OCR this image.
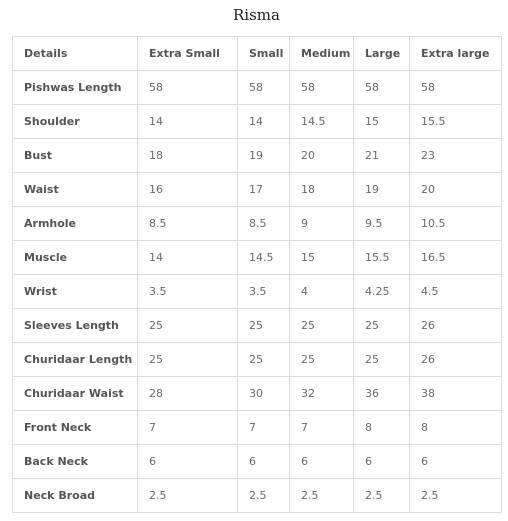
Risma
Details	Extra Small	Small	Medium	Large	Extra large
Pishwas Length	58	58	58	58	58
Shoulder	14	14	14.5	15	15.5
Bust	18	19	20	21	23
Waist	16	17	18	19	20
Armhole	8.5	8.5	9	9.5	10.5
Muscle	14	14.5	15	15.5	16.5
Wrist	3.5	3.5	4	4.25	4.5
Sleeves Length	25	25	25	25	26
Churidaar Length	25	25	25	25	26
Churidaar Waist	28	30	32	36	38
Front Neck	7	7	7	8	8
Back Neck	6	6	6	6	6
Neck Broad	2.5	2.5	2.5	2.5	2.5
